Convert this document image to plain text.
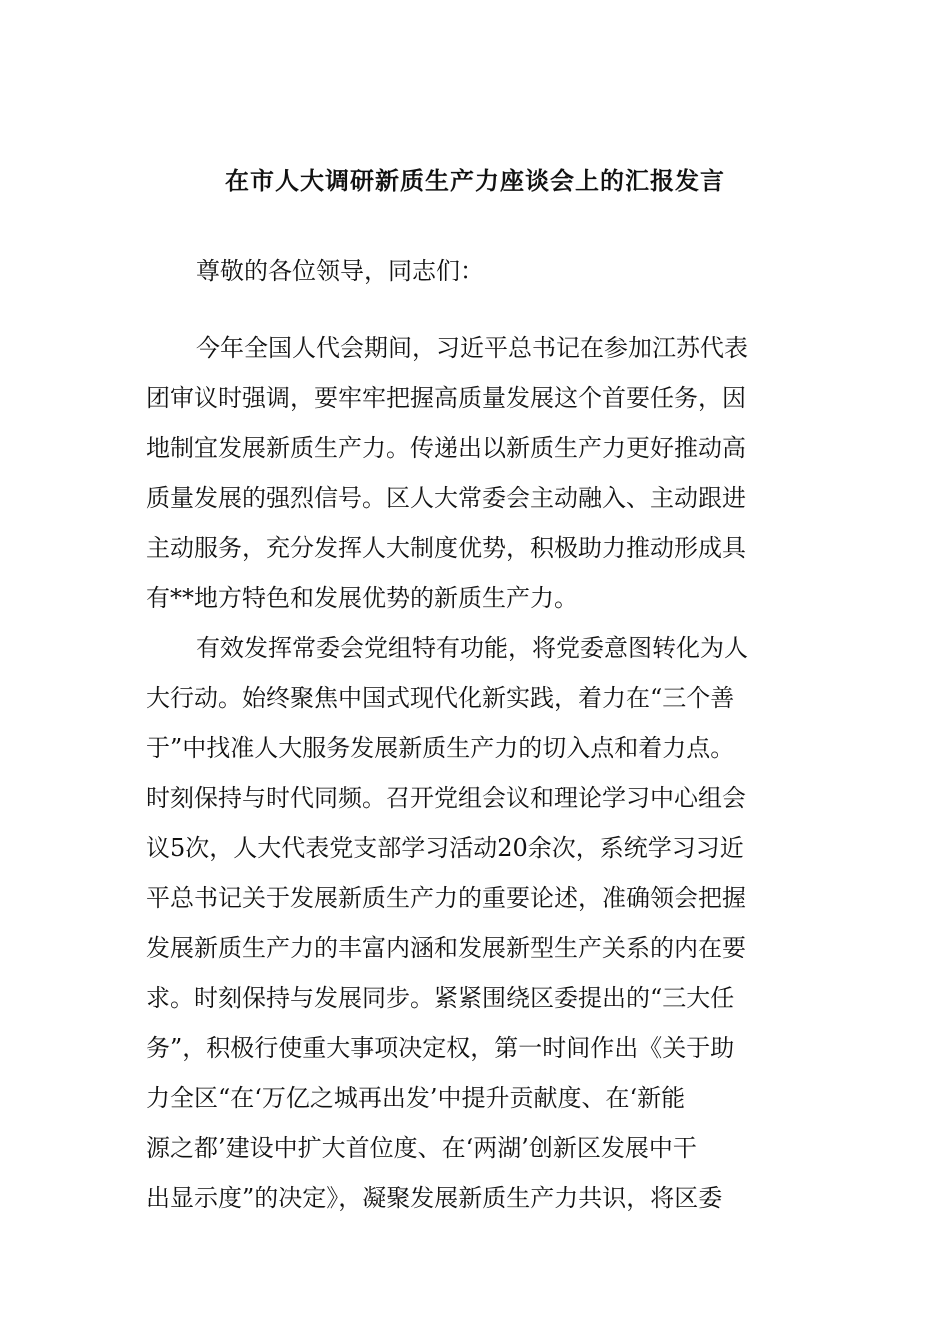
在市人大调研新质生产力座谈会上的汇报发言
尊敬的各位领导，同志们：
今年全国人代会期间，习近平总书记在参加江苏代表
团审议时强调，要牢牢把握高质量发展这个首要任务，因
地制宜发展新质生产力。传递出以新质生产力更好推动高
质量发展的强烈信号。区人大常委会主动融入、主动跟进
主动服务，充分发挥人大制度优势，积极助力推动形成具
有**地方特色和发展优势的新质生产力。
有效发挥常委会党组特有功能，将党委意图转化为人
大行动。始终聚焦中国式现代化新实践，着力在“三个善
于”中找准人大服务发展新质生产力的切入点和着力点。
时刻保持与时代同频。召开党组会议和理论学习中心组会
议5次，人大代表党支部学习活动20余次，系统学习习近
平总书记关于发展新质生产力的重要论述，准确领会把握
发展新质生产力的丰富内涵和发展新型生产关系的内在要
求。时刻保持与发展同步。紧紧围绕区委提出的“三大任
务”，积极行使重大事项决定权，第一时间作出《关于助
力全区“在‘万亿之城再出发’中提升贡献度、在‘新能
源之都’建设中扩大首位度、在‘两湖’创新区发展中干
出显示度”的决定》，凝聚发展新质生产力共识，将区委
